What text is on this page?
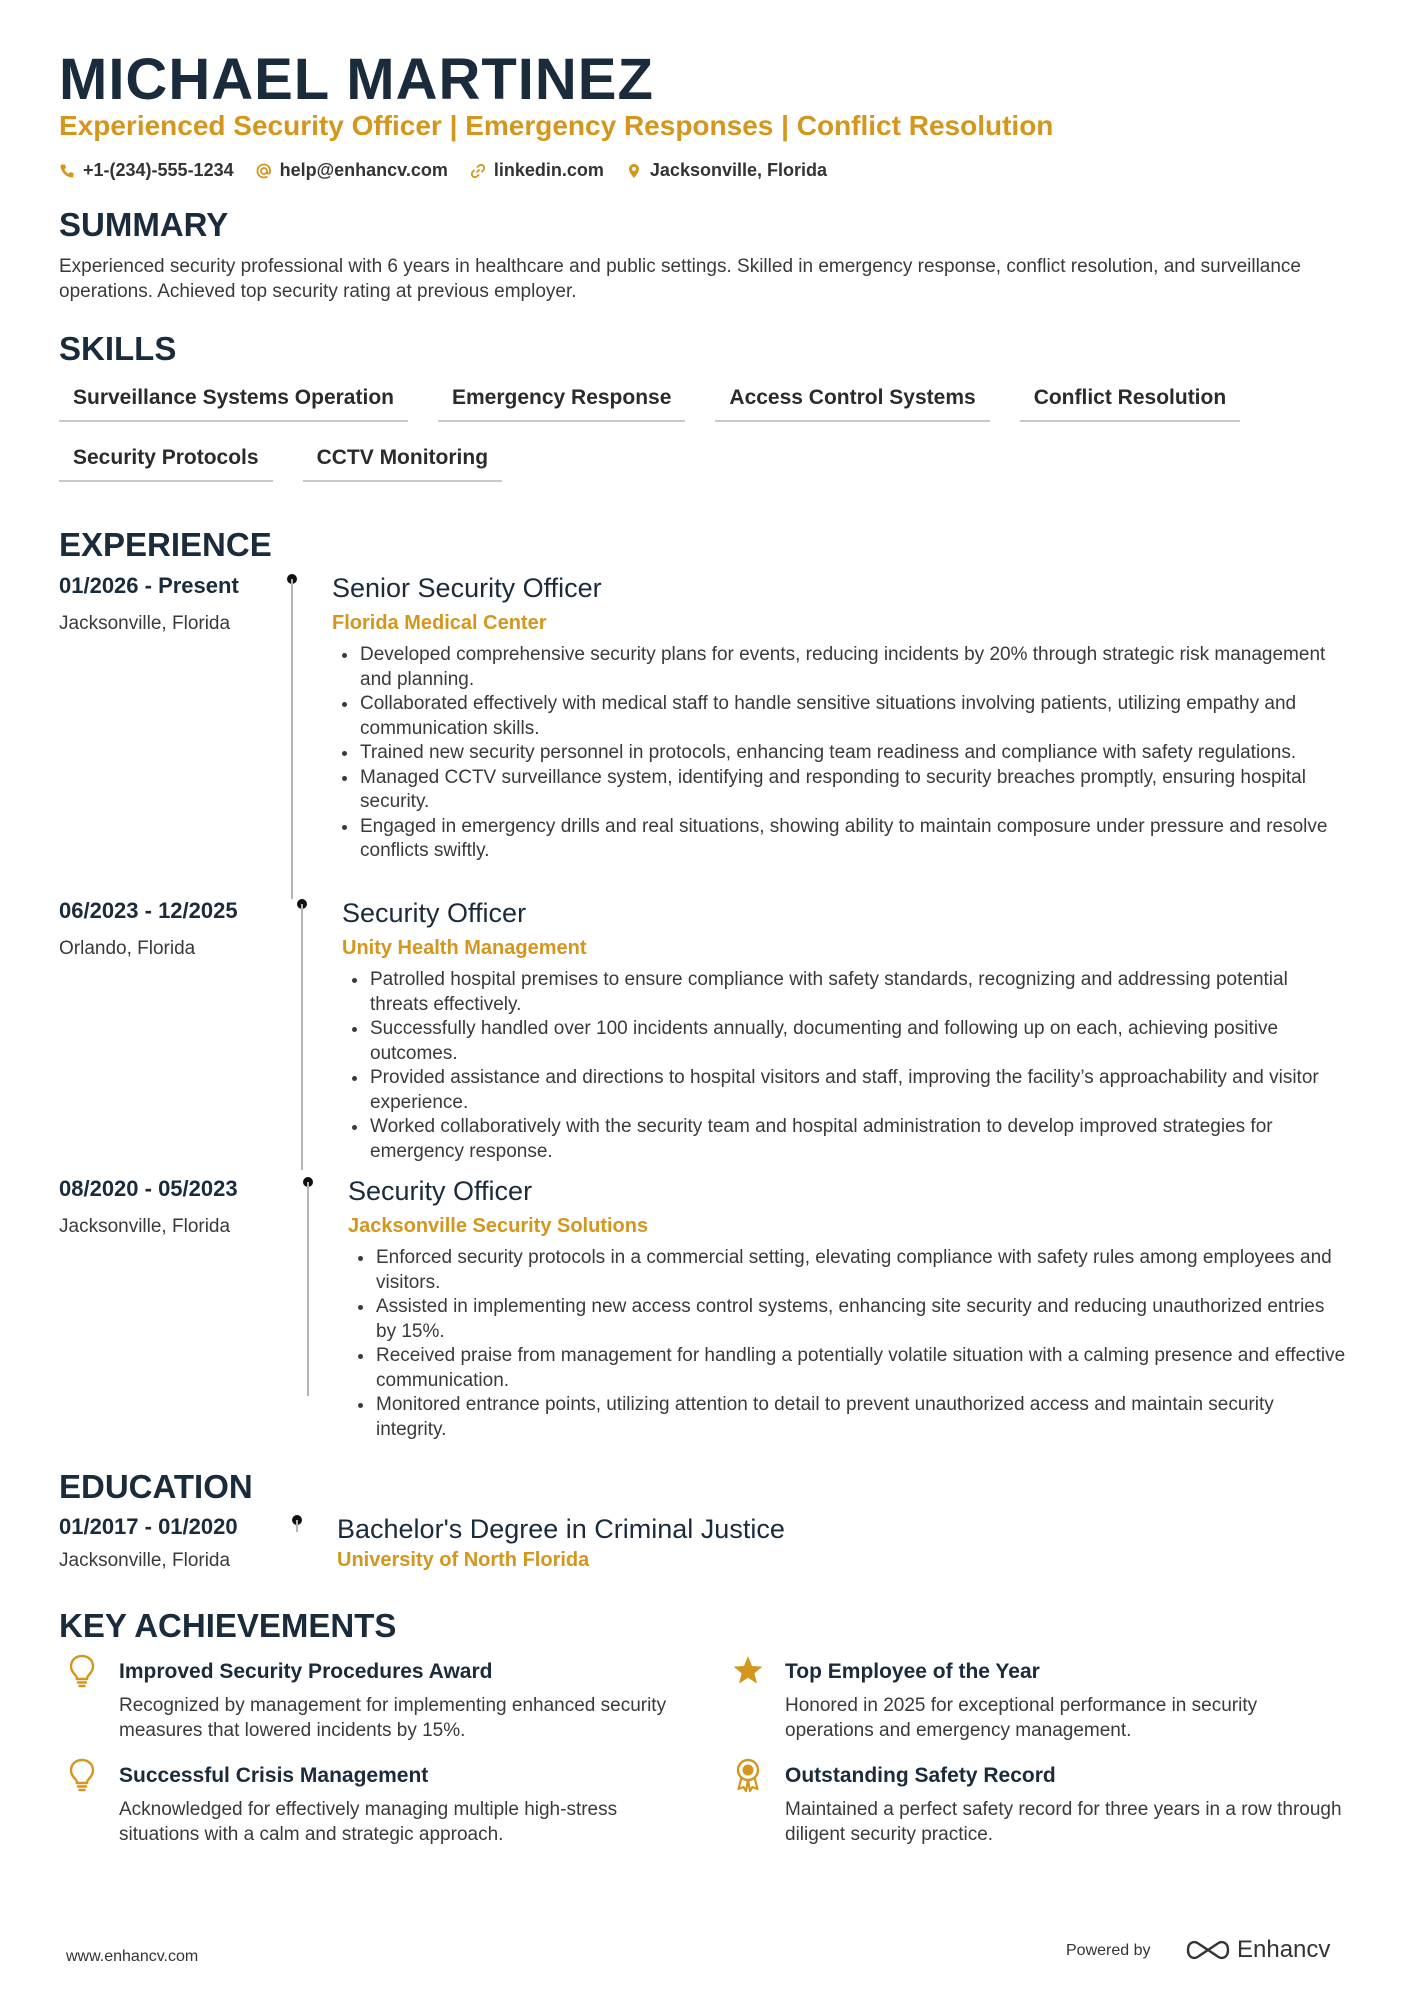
MICHAEL MARTINEZ
Experienced Security Officer | Emergency Responses | Conflict Resolution
+1-(234)-555-1234	help@enhancv.com	linkedin.com	Jacksonville, Florida
SUMMARY
Experienced security professional with 6 years in healthcare and public settings. Skilled in emergency response, conflict resolution, and surveillance operations. Achieved top security rating at previous employer.
SKILLS
Surveillance Systems Operation	Emergency Response	Access Control Systems	Conflict Resolution
Security Protocols	CCTV Monitoring
EXPERIENCE
01/2026 - Present
Jacksonville, Florida
Senior Security Officer
Florida Medical Center
Developed comprehensive security plans for events, reducing incidents by 20% through strategic risk management and planning.
Collaborated effectively with medical staff to handle sensitive situations involving patients, utilizing empathy and communication skills.
Trained new security personnel in protocols, enhancing team readiness and compliance with safety regulations.
Managed CCTV surveillance system, identifying and responding to security breaches promptly, ensuring hospital security.
Engaged in emergency drills and real situations, showing ability to maintain composure under pressure and resolve conflicts swiftly.
06/2023 - 12/2025
Orlando, Florida
Security Officer
Unity Health Management
Patrolled hospital premises to ensure compliance with safety standards, recognizing and addressing potential threats effectively.
Successfully handled over 100 incidents annually, documenting and following up on each, achieving positive outcomes.
Provided assistance and directions to hospital visitors and staff, improving the facility’s approachability and visitor experience.
Worked collaboratively with the security team and hospital administration to develop improved strategies for emergency response.
08/2020 - 05/2023
Jacksonville, Florida
Security Officer
Jacksonville Security Solutions
Enforced security protocols in a commercial setting, elevating compliance with safety rules among employees and visitors.
Assisted in implementing new access control systems, enhancing site security and reducing unauthorized entries by 15%.
Received praise from management for handling a potentially volatile situation with a calming presence and effective communication.
Monitored entrance points, utilizing attention to detail to prevent unauthorized access and maintain security integrity.
EDUCATION
01/2017 - 01/2020
Jacksonville, Florida
Bachelor's Degree in Criminal Justice
University of North Florida
KEY ACHIEVEMENTS
Improved Security Procedures Award
Recognized by management for implementing enhanced security measures that lowered incidents by 15%.
Top Employee of the Year
Honored in 2025 for exceptional performance in security operations and emergency management.
Successful Crisis Management
Acknowledged for effectively managing multiple high-stress situations with a calm and strategic approach.
Outstanding Safety Record
Maintained a perfect safety record for three years in a row through diligent security practice.
www.enhancv.com	Powered by	Enhancv
